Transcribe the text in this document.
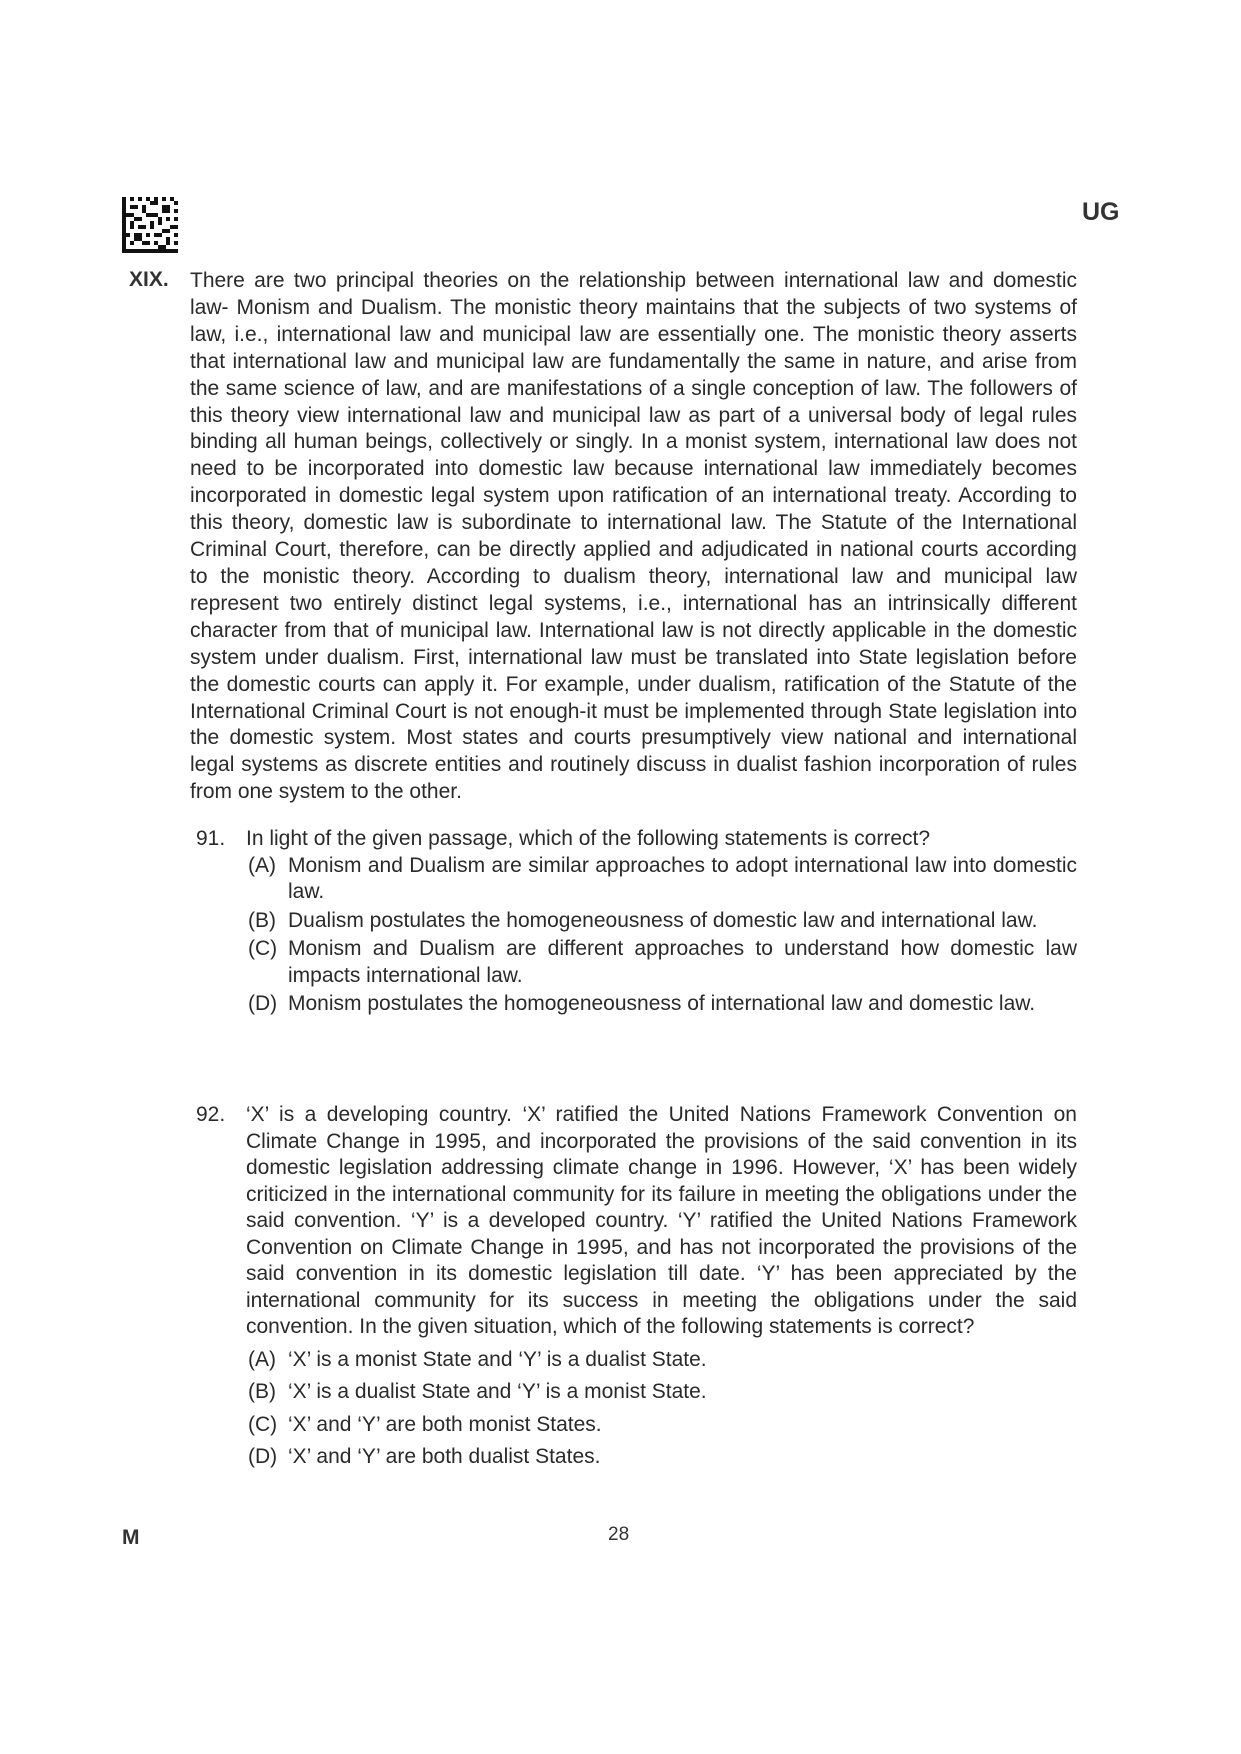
UG
XIX. There are two principal theories on the relationship between international law and domestic law- Monism and Dualism. The monistic theory maintains that the subjects of two systems of law, i.e., international law and municipal law are essentially one. The monistic theory asserts that international law and municipal law are fundamentally the same in nature, and arise from the same science of law, and are manifestations of a single conception of law. The followers of this theory view international law and municipal law as part of a universal body of legal rules binding all human beings, collectively or singly. In a monist system, international law does not need to be incorporated into domestic law because international law immediately becomes incorporated in domestic legal system upon ratification of an international treaty. According to this theory, domestic law is subordinate to international law. The Statute of the International Criminal Court, therefore, can be directly applied and adjudicated in national courts according to the monistic theory. According to dualism theory, international law and municipal law represent two entirely distinct legal systems, i.e., international has an intrinsically different character from that of municipal law. International law is not directly applicable in the domestic system under dualism. First, international law must be translated into State legislation before the domestic courts can apply it. For example, under dualism, ratification of the Statute of the International Criminal Court is not enough-it must be implemented through State legislation into the domestic system. Most states and courts presumptively view national and international legal systems as discrete entities and routinely discuss in dualist fashion incorporation of rules from one system to the other.
91. In light of the given passage, which of the following statements is correct?
(A) Monism and Dualism are similar approaches to adopt international law into domestic law.
(B) Dualism postulates the homogeneousness of domestic law and international law.
(C) Monism and Dualism are different approaches to understand how domestic law impacts international law.
(D) Monism postulates the homogeneousness of international law and domestic law.
92. ‘X’ is a developing country. ‘X’ ratified the United Nations Framework Convention on Climate Change in 1995, and incorporated the provisions of the said convention in its domestic legislation addressing climate change in 1996. However, ‘X’ has been widely criticized in the international community for its failure in meeting the obligations under the said convention. ‘Y’ is a developed country. ‘Y’ ratified the United Nations Framework Convention on Climate Change in 1995, and has not incorporated the provisions of the said convention in its domestic legislation till date. ‘Y’ has been appreciated by the international community for its success in meeting the obligations under the said convention. In the given situation, which of the following statements is correct?
(A) ‘X’ is a monist State and ‘Y’ is a dualist State.
(B) ‘X’ is a dualist State and ‘Y’ is a monist State.
(C) ‘X’ and ‘Y’ are both monist States.
(D) ‘X’ and ‘Y’ are both dualist States.
M	28
